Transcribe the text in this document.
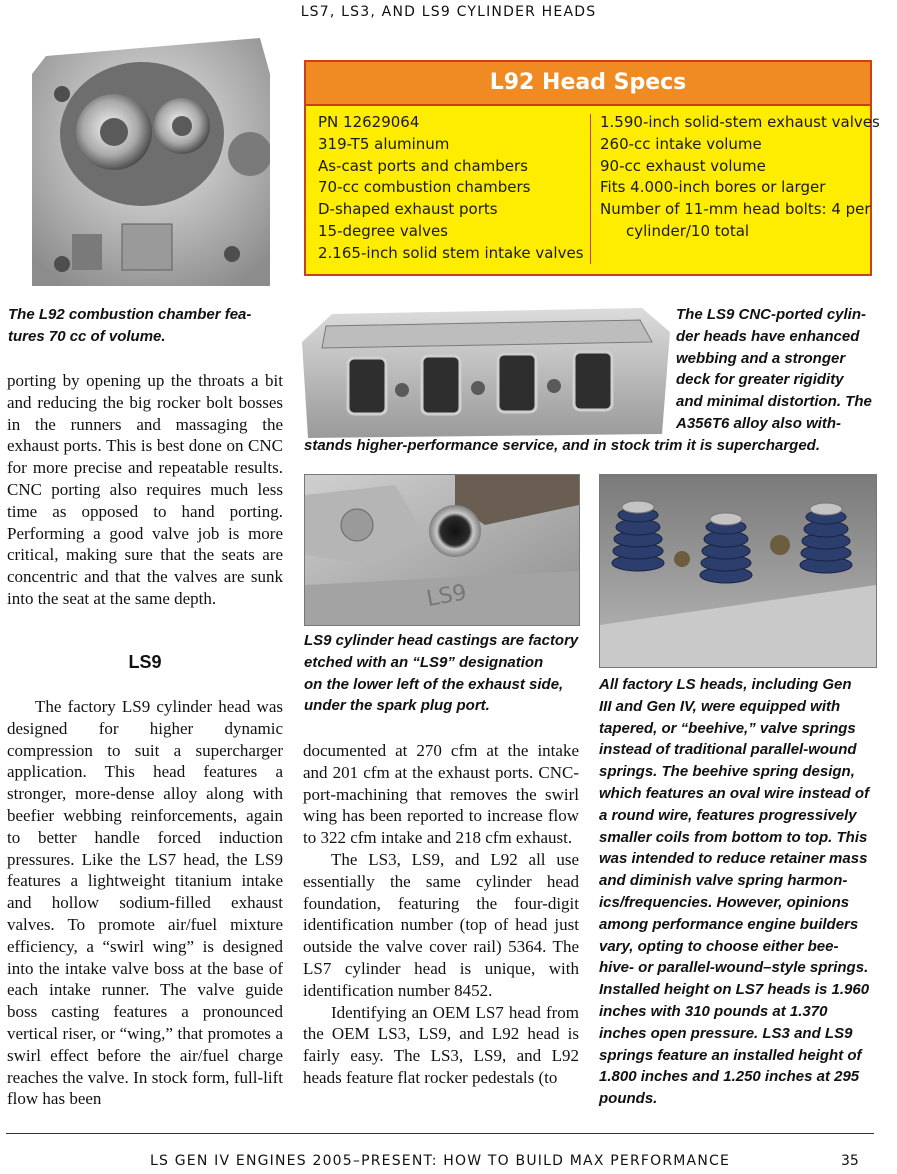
LS7, LS3, AND LS9 CYLINDER HEADS
L92 Head Specs
PN 12629064
319-T5 aluminum
As-cast ports and chambers
70-cc combustion chambers
D-shaped exhaust ports
15-degree valves
2.165-inch solid stem intake valves
1.590-inch solid-stem exhaust valves
260-cc intake volume
90-cc exhaust volume
Fits 4.000-inch bores or larger
Number of 11-mm head bolts: 4 per
cylinder/10 total
The L92 combustion chamber fea-
tures 70 cc of volume.
The LS9 CNC-ported cylin-
der heads have enhanced
webbing and a stronger
deck for greater rigidity
and minimal distortion. The
A356T6 alloy also with-
stands higher-performance service, and in stock trim it is supercharged.
LS9
LS9 cylinder head castings are factory
etched with an “LS9” designation
on the lower left of the exhaust side,
under the spark plug port.
All factory LS heads, including Gen
III and Gen IV, were equipped with
tapered, or “beehive,” valve springs
instead of traditional parallel-wound
springs. The beehive spring design,
which features an oval wire instead of
a round wire, features progressively
smaller coils from bottom to top. This
was intended to reduce retainer mass
and diminish valve spring harmon-
ics/frequencies. However, opinions
among performance engine builders
vary, opting to choose either bee-
hive- or parallel-wound–style springs.
Installed height on LS7 heads is 1.960
inches with 310 pounds at 1.370
inches open pressure. LS3 and LS9
springs feature an installed height of
1.800 inches and 1.250 inches at 295
pounds.

porting by opening up the throats a bit and reducing the big rocker bolt bosses in the runners and massaging the exhaust ports. This is best done on CNC for more precise and repeatable results. CNC porting also requires much less time as opposed to hand porting. Performing a good valve job is more critical, making sure that the seats are concentric and that the valves are sunk into the seat at the same depth.

LS9

The factory LS9 cylinder head was designed for higher dynamic compression to suit a supercharger application. This head features a stronger, more-dense alloy along with beefier webbing reinforcements, again to better handle forced induction pressures. Like the LS7 head, the LS9 features a lightweight titanium intake and hollow sodium-filled exhaust valves. To promote air/fuel mixture efficiency, a “swirl wing” is designed into the intake valve boss at the base of each intake runner. The valve guide boss casting features a pronounced vertical riser, or “wing,” that promotes a swirl effect before the air/fuel charge reaches the valve. In stock form, full-lift flow has been

documented at 270 cfm at the intake and 201 cfm at the exhaust ports. CNC-port-machining that removes the swirl wing has been reported to increase flow to 322 cfm intake and 218 cfm exhaust.

The LS3, LS9, and L92 all use essentially the same cylinder head foundation, featuring the four-digit identification number (top of head just outside the valve cover rail) 5364. The LS7 cylinder head is unique, with identification number 8452.

Identifying an OEM LS7 head from the OEM LS3, LS9, and L92 head is fairly easy. The LS3, LS9, and L92 heads feature flat rocker pedestals (to

LS GEN IV ENGINES 2005–PRESENT: HOW TO BUILD MAX PERFORMANCE	35
